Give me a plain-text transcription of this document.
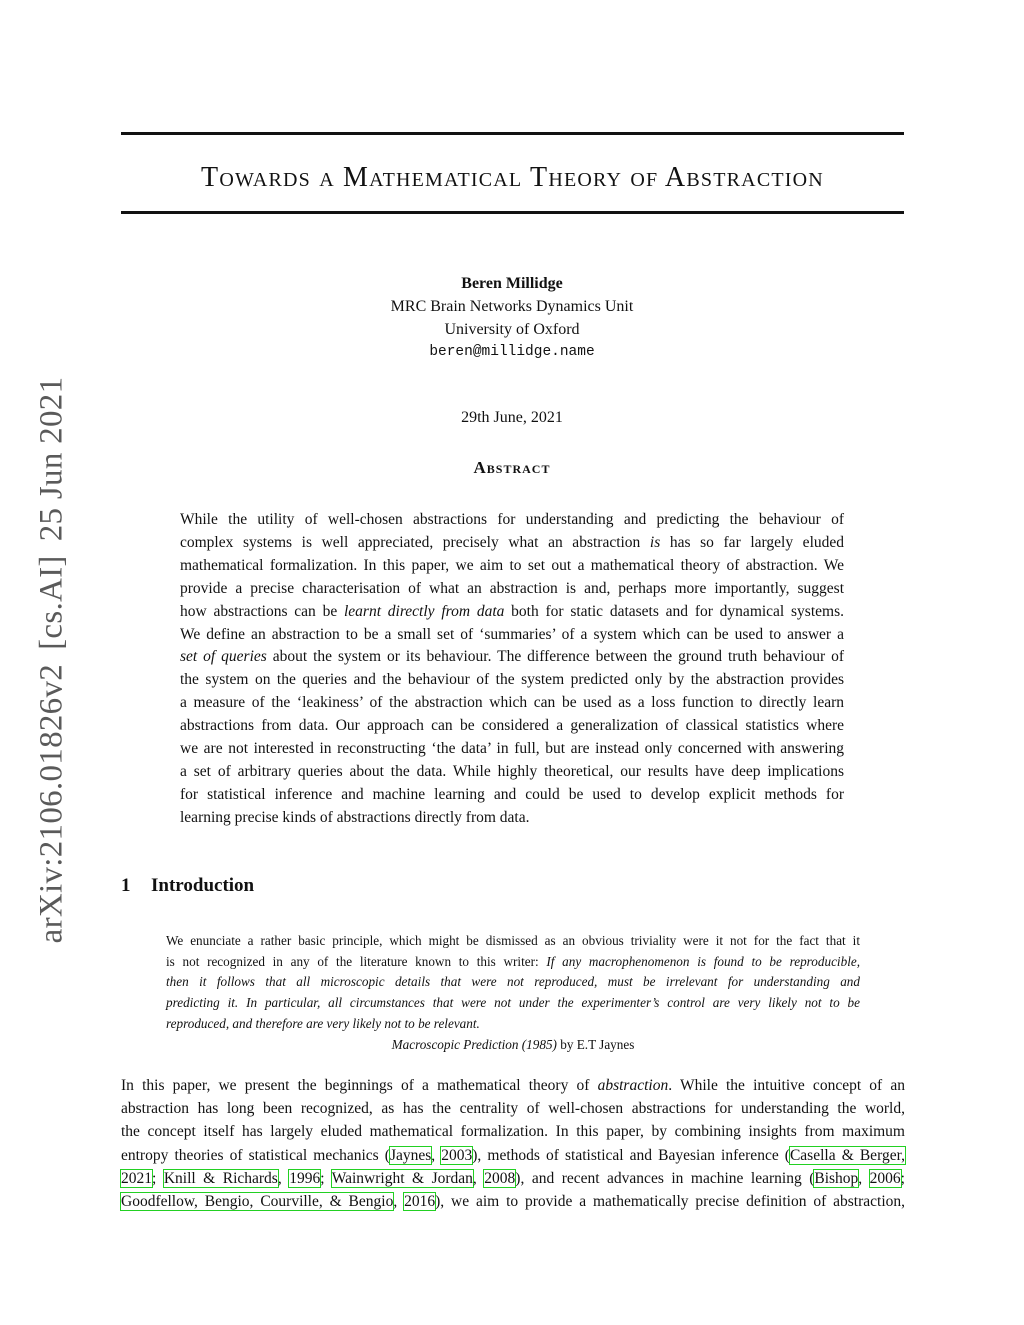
arXiv:2106.01826v2[cs.AI]25 Jun 2021
Towards a Mathematical Theory of Abstraction
Beren Millidge
MRC Brain Networks Dynamics Unit
University of Oxford
beren@millidge.name
29th June, 2021
Abstract
While the utility of well-chosen abstractions for understanding and predicting the behaviour of
complex systems is well appreciated, precisely what an abstraction is has so far largely eluded
mathematical formalization. In this paper, we aim to set out a mathematical theory of abstraction. We
provide a precise characterisation of what an abstraction is and, perhaps more importantly, suggest
how abstractions can be learnt directly from data both for static datasets and for dynamical systems.
We define an abstraction to be a small set of ‘summaries’ of a system which can be used to answer a
set of queries about the system or its behaviour. The difference between the ground truth behaviour of
the system on the queries and the behaviour of the system predicted only by the abstraction provides
a measure of the ‘leakiness’ of the abstraction which can be used as a loss function to directly learn
abstractions from data. Our approach can be considered a generalization of classical statistics where
we are not interested in reconstructing ‘the data’ in full, but are instead only concerned with answering
a set of arbitrary queries about the data. While highly theoretical, our results have deep implications
for statistical inference and machine learning and could be used to develop explicit methods for
learning precise kinds of abstractions directly from data.
1 Introduction
We enunciate a rather basic principle, which might be dismissed as an obvious triviality were it not for the fact that it
is not recognized in any of the literature known to this writer: If any macrophenomenon is found to be reproducible,
then it follows that all microscopic details that were not reproduced, must be irrelevant for understanding and
predicting it. In particular, all circumstances that were not under the experimenter’s control are very likely not to be
reproduced, and therefore are very likely not to be relevant.
Macroscopic Prediction (1985) by E.T Jaynes
In this paper, we present the beginnings of a mathematical theory of abstraction. While the intuitive concept of an
abstraction has long been recognized, as has the centrality of well-chosen abstractions for understanding the world,
the concept itself has largely eluded mathematical formalization. In this paper, by combining insights from maximum
entropy theories of statistical mechanics (Jaynes, 2003), methods of statistical and Bayesian inference (Casella & Berger,
2021; Knill & Richards, 1996; Wainwright & Jordan, 2008), and recent advances in machine learning (Bishop, 2006;
Goodfellow, Bengio, Courville, & Bengio, 2016), we aim to provide a mathematically precise definition of abstraction,
